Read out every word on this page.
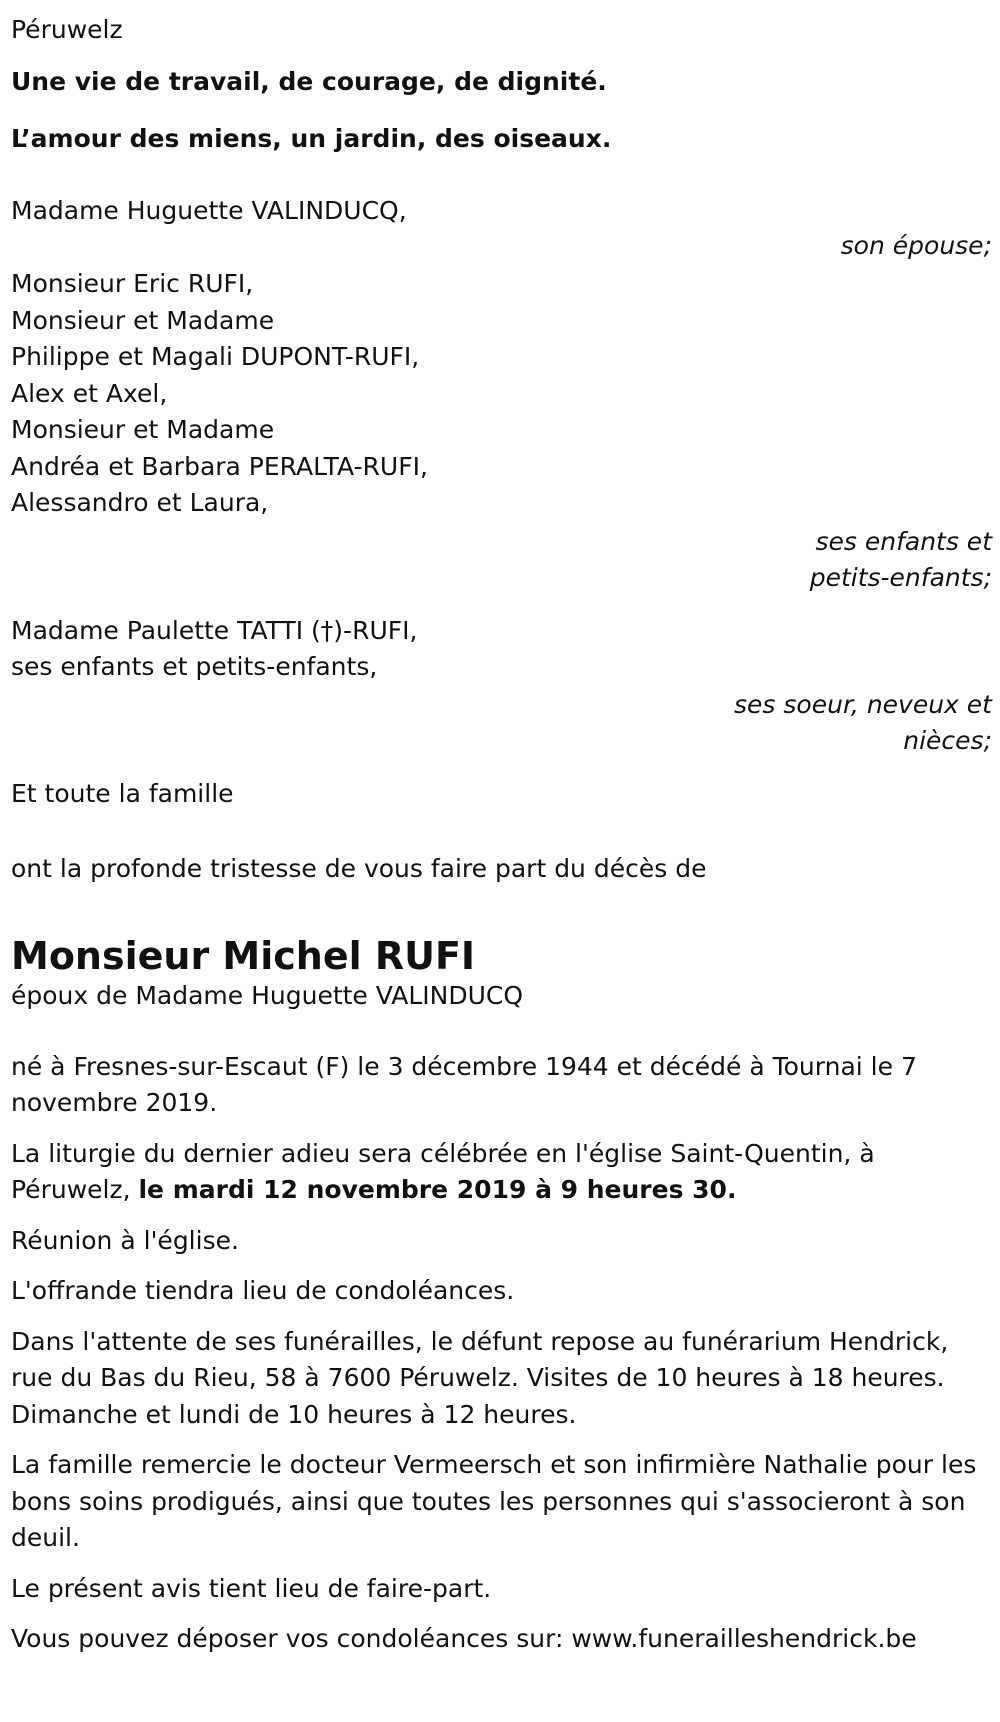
Péruwelz

Une vie de travail, de courage, de dignité.

L’amour des miens, un jardin, des oiseaux.

Madame Huguette VALINDUCQ,

son épouse;

Monsieur Eric RUFI,

Monsieur et Madame

Philippe et Magali DUPONT-RUFI,

Alex et Axel,

Monsieur et Madame

Andréa et Barbara PERALTA-RUFI,

Alessandro et Laura,

ses enfants et

petits-enfants;

Madame Paulette TATTI (†)-RUFI,

ses enfants et petits-enfants,

ses soeur, neveux et

nièces;

Et toute la famille

ont la profonde tristesse de vous faire part du décès de

Monsieur Michel RUFI

époux de Madame Huguette VALINDUCQ

né à Fresnes-sur-Escaut (F) le 3 décembre 1944 et décédé à Tournai le 7 novembre 2019.

La liturgie du dernier adieu sera célébrée en l'église Saint-Quentin, à Péruwelz, le mardi 12 novembre 2019 à 9 heures 30.

Réunion à l'église.

L'offrande tiendra lieu de condoléances.

Dans l'attente de ses funérailles, le défunt repose au funérarium Hendrick, rue du Bas du Rieu, 58 à 7600 Péruwelz. Visites de 10 heures à 18 heures. Dimanche et lundi de 10 heures à 12 heures.

La famille remercie le docteur Vermeersch et son infirmière Nathalie pour les bons soins prodigués, ainsi que toutes les personnes qui s'associeront à son deuil.

Le présent avis tient lieu de faire-part.

Vous pouvez déposer vos condoléances sur: www.funerailleshendrick.be
